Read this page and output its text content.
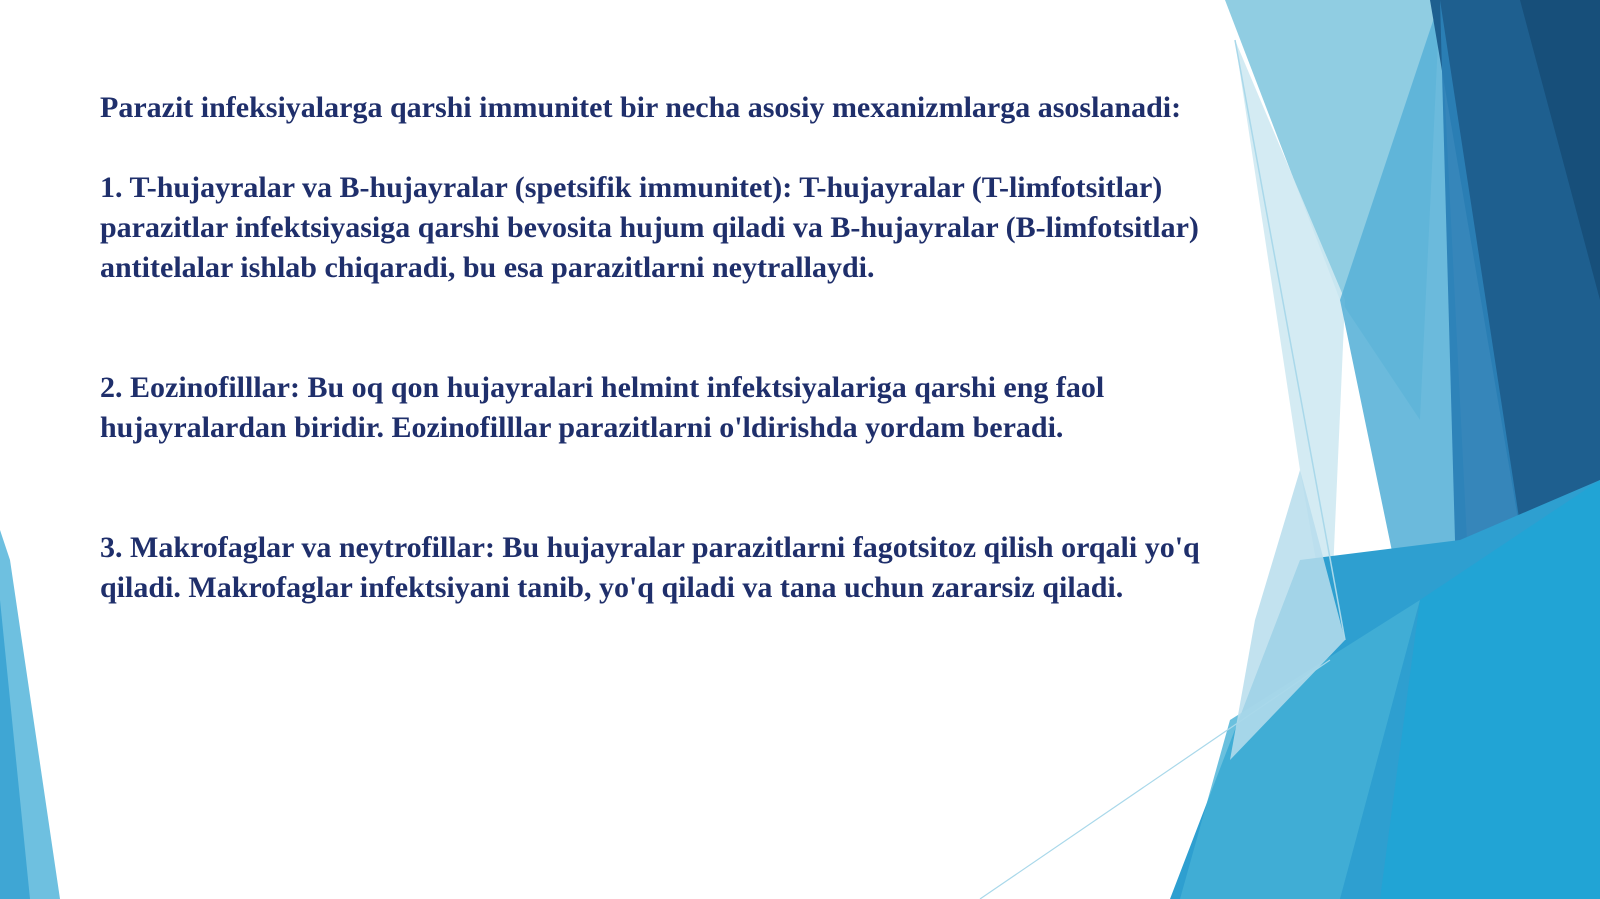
Parazit infeksiyalarga qarshi immunitet bir necha asosiy mexanizmlarga asoslanadi:

1. T-hujayralar va B-hujayralar (spetsifik immunitet): T-hujayralar (T-limfotsitlar) parazitlar infektsiyasiga qarshi bevosita hujum qiladi va B-hujayralar (B-limfotsitlar) antitelalar ishlab chiqaradi, bu esa parazitlarni neytrallaydi.

2. Eozinofilllar: Bu oq qon hujayralari helmint infektsiyalariga qarshi eng faol hujayralardan biridir. Eozinofilllar parazitlarni o'ldirishda yordam beradi.

3. Makrofaglar va neytrofillar: Bu hujayralar parazitlarni fagotsitoz qilish orqali yo'q qiladi. Makrofaglar infektsiyani tanib, yo'q qiladi va tana uchun zararsiz qiladi.
